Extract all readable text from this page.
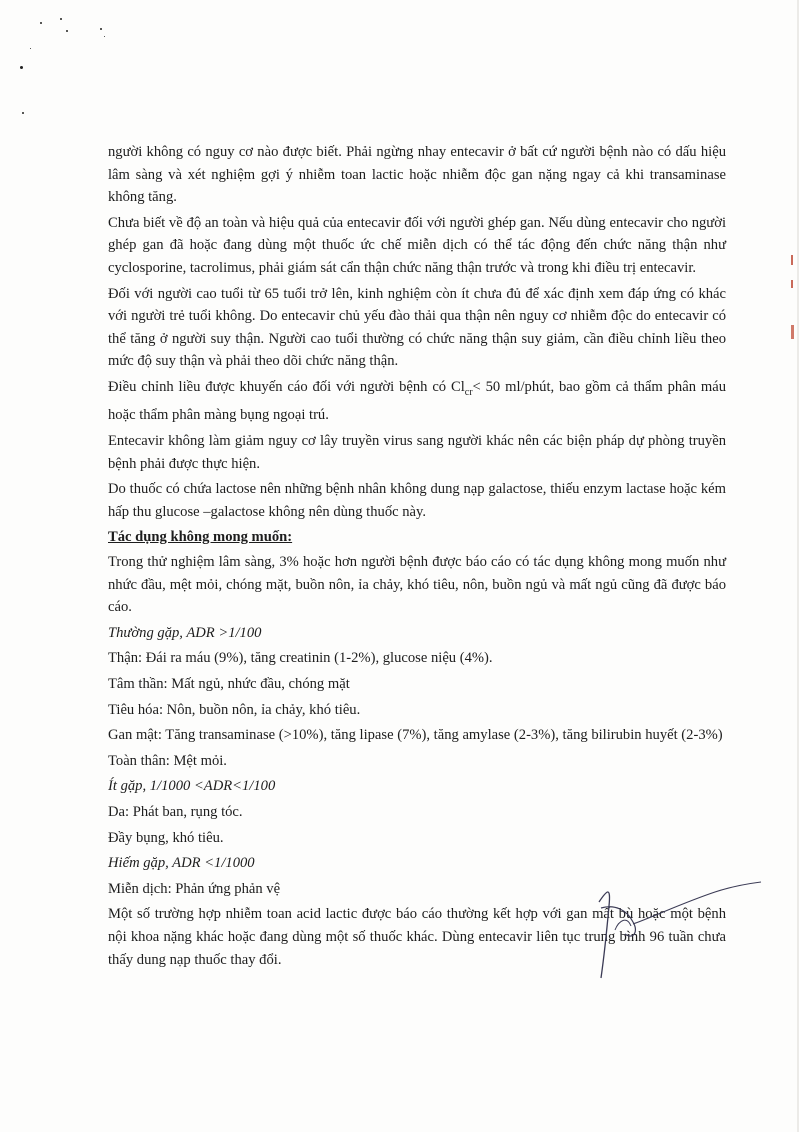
người không có nguy cơ nào được biết. Phải ngừng nhay entecavir ở bất cứ người bệnh nào có dấu hiệu lâm sàng và xét nghiệm gợi ý nhiễm toan lactic hoặc nhiễm độc gan nặng ngay cả khi transaminase không tăng.

Chưa biết về độ an toàn và hiệu quả của entecavir đối với người ghép gan. Nếu dùng entecavir cho người ghép gan đã hoặc đang dùng một thuốc ức chế miễn dịch có thể tác động đến chức năng thận như cyclosporine, tacrolimus, phải giám sát cẩn thận chức năng thận trước và trong khi điều trị entecavir.

Đối với người cao tuổi từ 65 tuổi trở lên, kinh nghiệm còn ít chưa đủ để xác định xem đáp ứng có khác với người trẻ tuổi không. Do entecavir chủ yếu đào thải qua thận nên nguy cơ nhiễm độc do entecavir có thể tăng ở người suy thận. Người cao tuổi thường có chức năng thận suy giảm, cần điều chỉnh liều theo mức độ suy thận và phải theo dõi chức năng thận.

Điều chỉnh liều được khuyến cáo đối với người bệnh có $Cl_{cr}< 50$ ml/phút, bao gồm cả thẩm phân máu hoặc thẩm phân màng bụng ngoại trú.

Entecavir không làm giảm nguy cơ lây truyền virus sang người khác nên các biện pháp dự phòng truyền bệnh phải được thực hiện.

Do thuốc có chứa lactose nên những bệnh nhân không dung nạp galactose, thiếu enzym lactase hoặc kém hấp thu glucose –galactose không nên dùng thuốc này.

Tác dụng không mong muốn:

Trong thử nghiệm lâm sàng, 3% hoặc hơn người bệnh được báo cáo có tác dụng không mong muốn như nhức đầu, mệt mỏi, chóng mặt, buồn nôn, ỉa chảy, khó tiêu, nôn, buồn ngủ và mất ngủ cũng đã được báo cáo.

Thường gặp, ADR >1/100
Thận: Đái ra máu (9%), tăng creatinin (1-2%), glucose niệu (4%).
Tâm thần: Mất ngủ, nhức đầu, chóng mặt
Tiêu hóa: Nôn, buồn nôn, ỉa chảy, khó tiêu.

Gan mật: Tăng transaminase (>10%), tăng lipase (7%), tăng amylase (2-3%), tăng bilirubin huyết (2-3%)

Toàn thân: Mệt mỏi.
Ít gặp, 1/1000 <ADR<1/100
Da: Phát ban, rụng tóc.
Đầy bụng, khó tiêu.
Hiếm gặp, ADR <1/1000
Miễn dịch: Phản ứng phản vệ

Một số trường hợp nhiễm toan acid lactic được báo cáo thường kết hợp với gan mất bù hoặc một bệnh nội khoa nặng khác hoặc đang dùng một số thuốc khác. Dùng entecavir liên tục trung bình 96 tuần chưa thấy dung nạp thuốc thay đổi.
